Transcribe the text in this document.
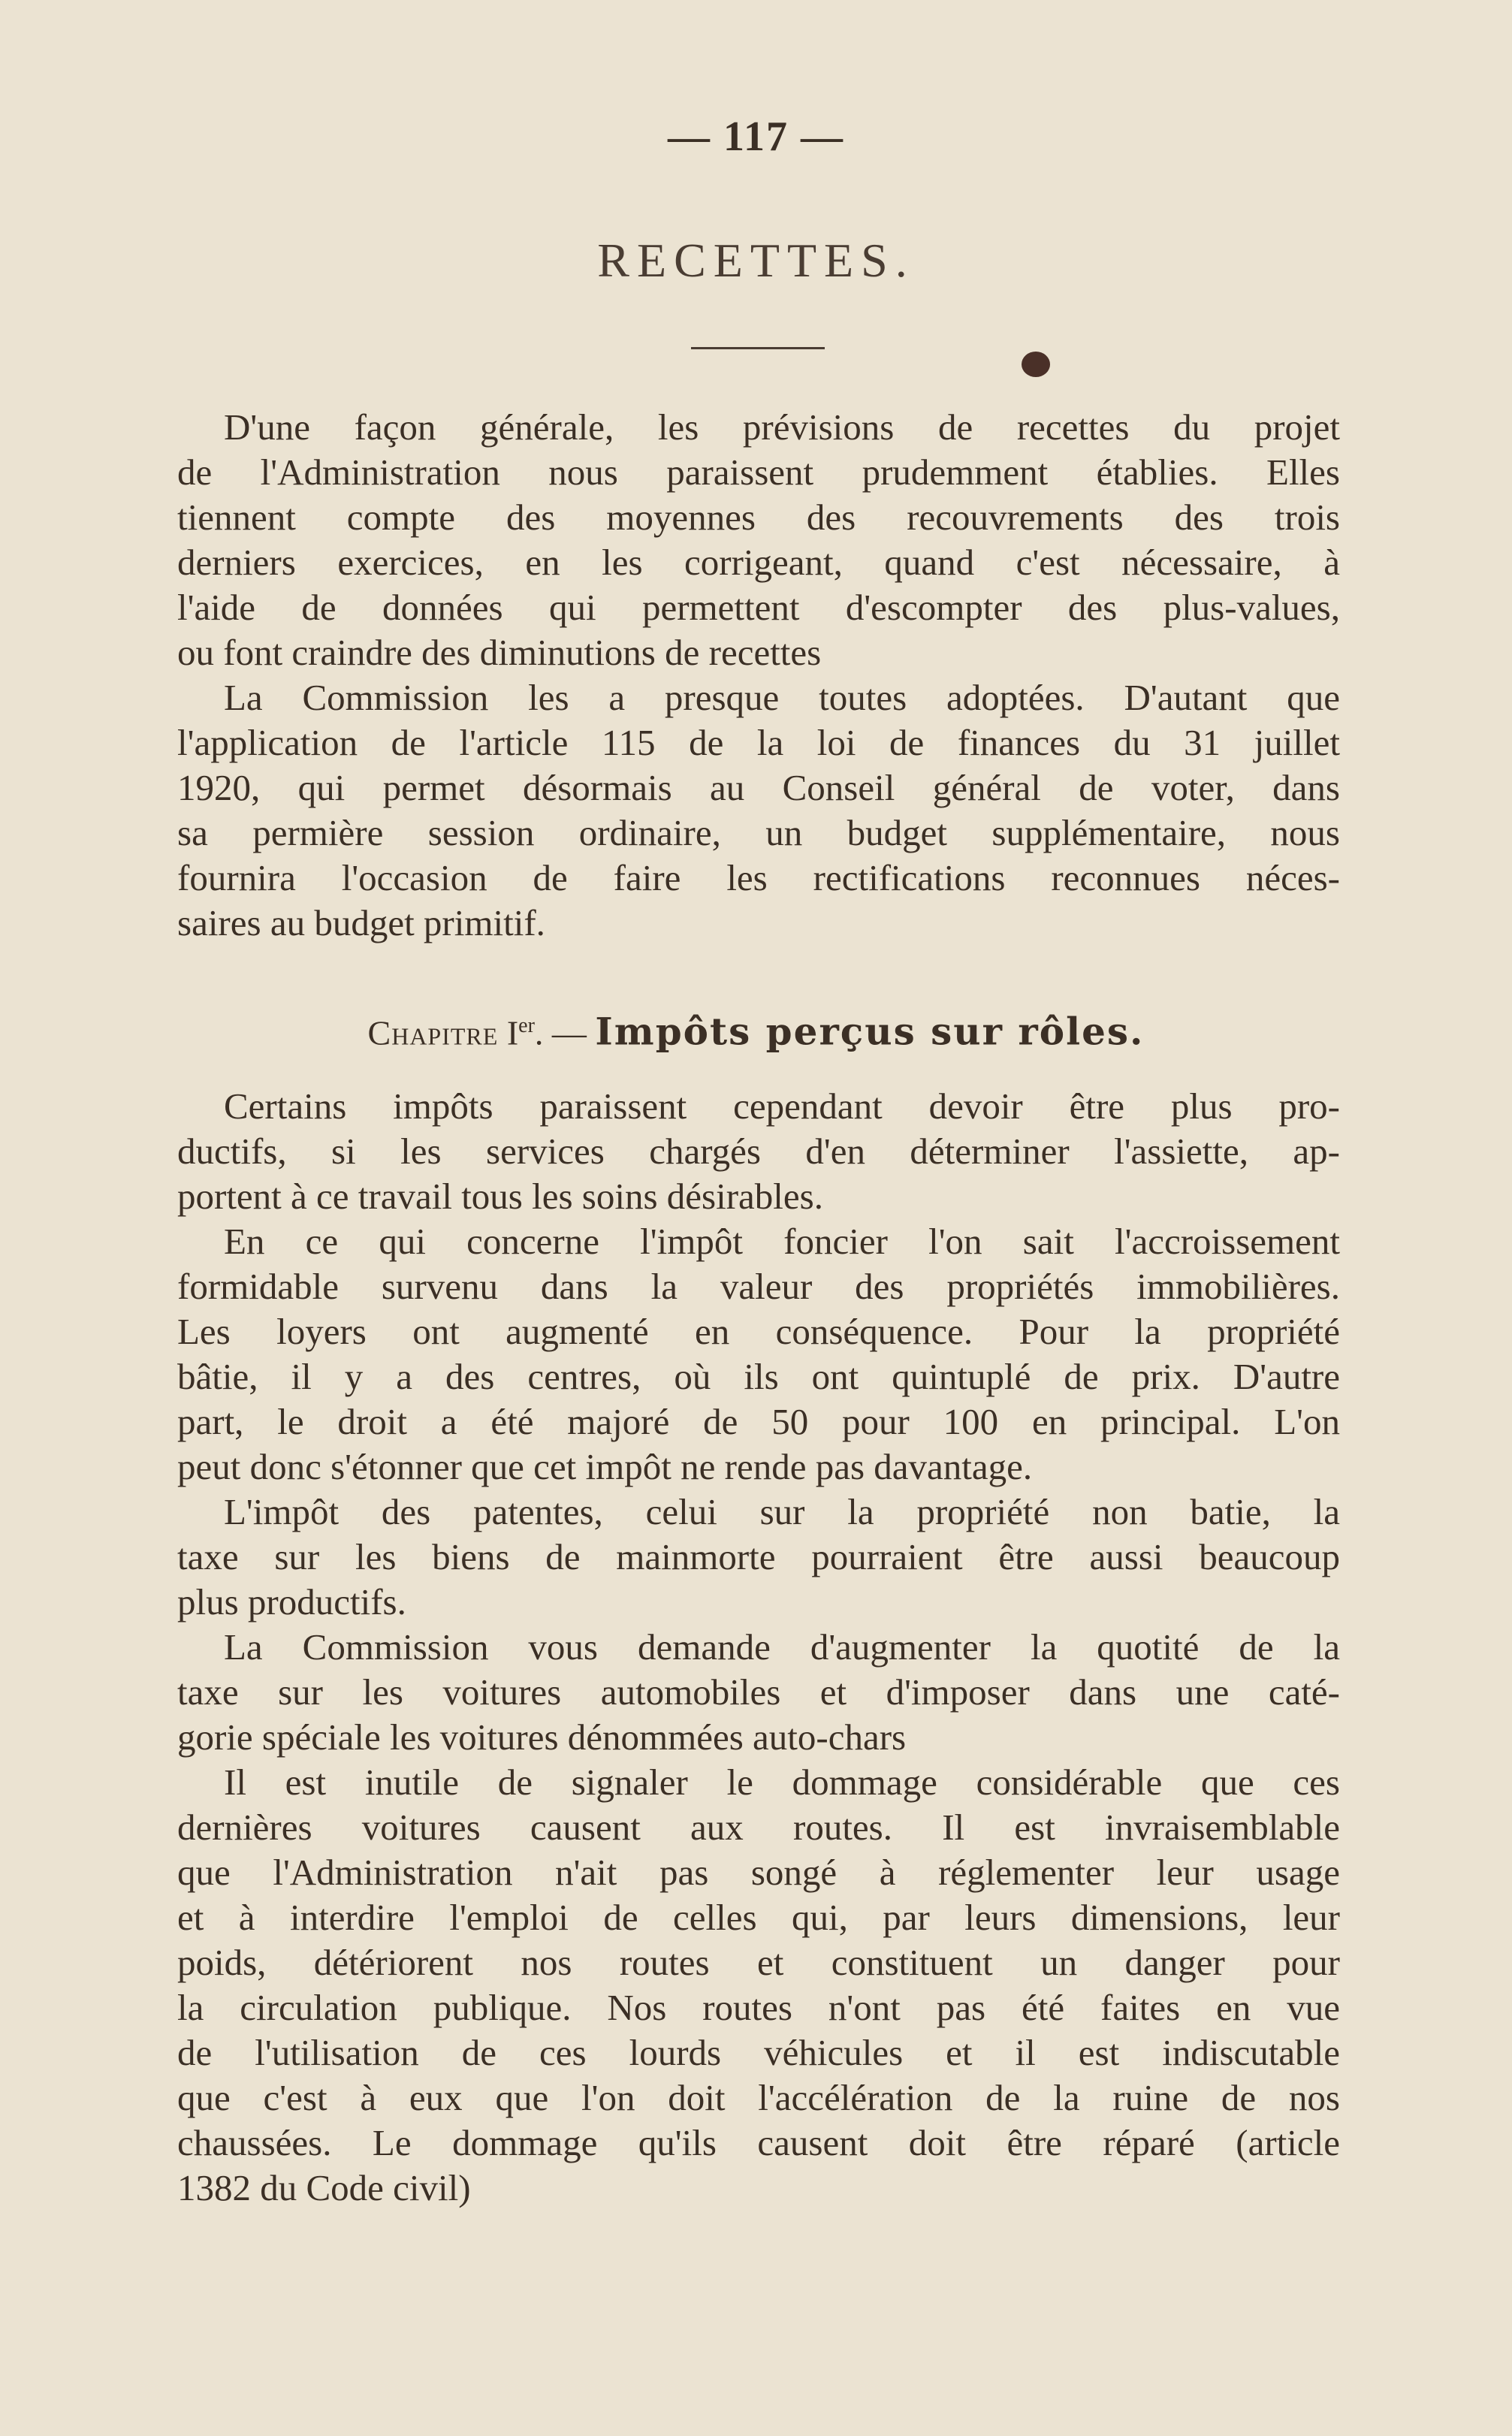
— 117 —
RECETTES.
D'une façon générale, les prévisions de recettes du projet
de l'Administration nous paraissent prudemment établies. Elles
tiennent compte des moyennes des recouvrements des trois
derniers exercices, en les corrigeant, quand c'est nécessaire, à
l'aide de données qui permettent d'escompter des plus-values,
ou font craindre des diminutions de recettes
La Commission les a presque toutes adoptées. D'autant que
l'application de l'article 115 de la loi de finances du 31 juillet
1920, qui permet désormais au Conseil général de voter, dans
sa permière session ordinaire, un budget supplémentaire, nous
fournira l'occasion de faire les rectifications reconnues néces-
saires au budget primitif.
Chapitre Ier. — Impôts perçus sur rôles.
Certains impôts paraissent cependant devoir être plus pro-
ductifs, si les services chargés d'en déterminer l'assiette, ap-
portent à ce travail tous les soins désirables.
En ce qui concerne l'impôt foncier l'on sait l'accroissement
formidable survenu dans la valeur des propriétés immobilières.
Les loyers ont augmenté en conséquence. Pour la propriété
bâtie, il y a des centres, où ils ont quintuplé de prix. D'autre
part, le droit a été majoré de 50 pour 100 en principal. L'on
peut donc s'étonner que cet impôt ne rende pas davantage.
L'impôt des patentes, celui sur la propriété non batie, la
taxe sur les biens de mainmorte pourraient être aussi beaucoup
plus productifs.
La Commission vous demande d'augmenter la quotité de la
taxe sur les voitures automobiles et d'imposer dans une caté-
gorie spéciale les voitures dénommées auto-chars
Il est inutile de signaler le dommage considérable que ces
dernières voitures causent aux routes. Il est invraisemblable
que l'Administration n'ait pas songé à réglementer leur usage
et à interdire l'emploi de celles qui, par leurs dimensions, leur
poids, détériorent nos routes et constituent un danger pour
la circulation publique. Nos routes n'ont pas été faites en vue
de l'utilisation de ces lourds véhicules et il est indiscutable
que c'est à eux que l'on doit l'accélération de la ruine de nos
chaussées. Le dommage qu'ils causent doit être réparé (article
1382 du Code civil)
